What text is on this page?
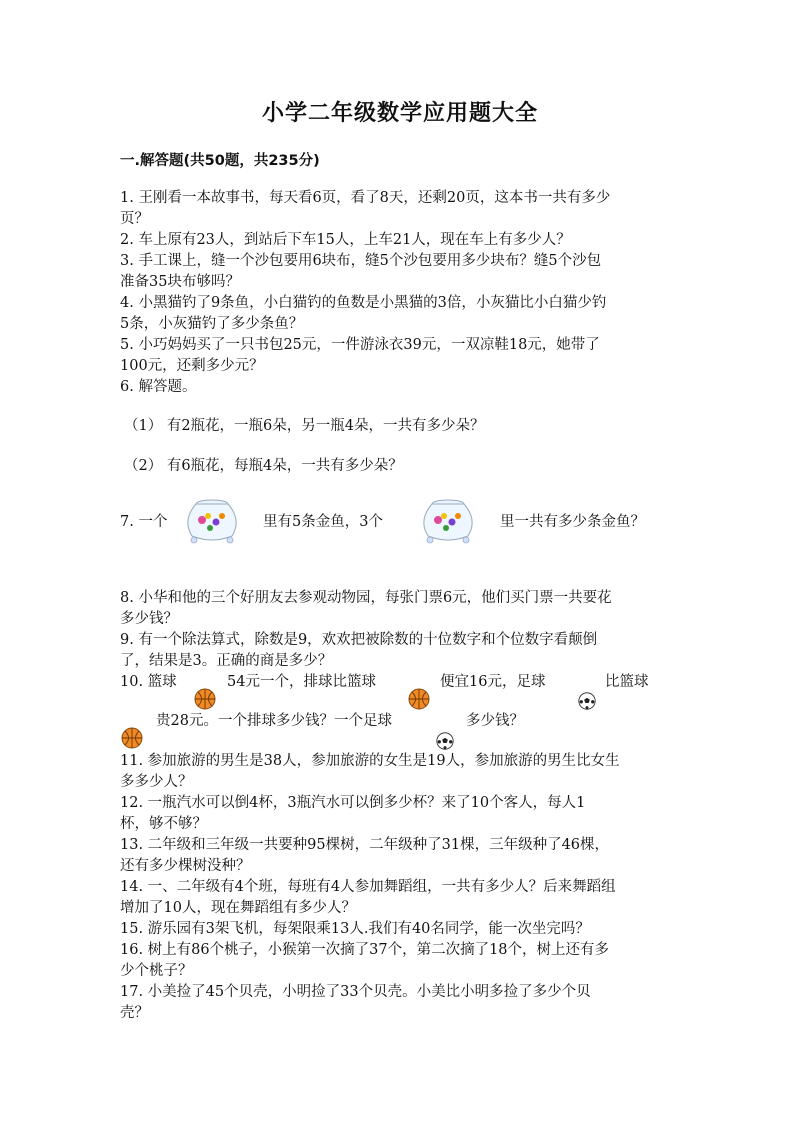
小学二年级数学应用题大全
一.解答题(共50题，共235分)
1. 王刚看一本故事书，每天看6页，看了8天，还剩20页，这本书一共有多少
页？
2. 车上原有23人，到站后下车15人，上车21人，现在车上有多少人？
3. 手工课上，缝一个沙包要用6块布，缝5个沙包要用多少块布？缝5个沙包
准备35块布够吗？
4. 小黑猫钓了9条鱼，小白猫钓的鱼数是小黑猫的3倍，小灰猫比小白猫少钓
5条，小灰猫钓了多少条鱼？
5. 小巧妈妈买了一只书包25元，一件游泳衣39元，一双凉鞋18元，她带了
100元，还剩多少元？
6. 解答题。
（1） 有2瓶花，一瓶6朵，另一瓶4朵，一共有多少朵？
（2） 有6瓶花，每瓶4朵，一共有多少朵？
7. 一个	里有5条金鱼，3个	里一共有多少条金鱼？
8. 小华和他的三个好朋友去参观动物园，每张门票6元，他们买门票一共要花
多少钱？
9. 有一个除法算式，除数是9，欢欢把被除数的十位数字和个位数字看颠倒
了，结果是3。正确的商是多少？
10. 篮球	54元一个，排球比篮球	便宜16元，足球	比篮球
贵28元。一个排球多少钱？一个足球	多少钱？
11. 参加旅游的男生是38人，参加旅游的女生是19人，参加旅游的男生比女生
多多少人？
12. 一瓶汽水可以倒4杯，3瓶汽水可以倒多少杯？来了10个客人，每人1
杯，够不够？
13. 二年级和三年级一共要种95棵树，二年级种了31棵，三年级种了46棵，
还有多少棵树没种？
14. 一、二年级有4个班，每班有4人参加舞蹈组，一共有多少人？后来舞蹈组
增加了10人，现在舞蹈组有多少人？
15. 游乐园有3架飞机，每架限乘13人.我们有40名同学，能一次坐完吗？
16. 树上有86个桃子，小猴第一次摘了37个，第二次摘了18个，树上还有多
少个桃子？
17. 小美捡了45个贝壳，小明捡了33个贝壳。小美比小明多捡了多少个贝
壳？
